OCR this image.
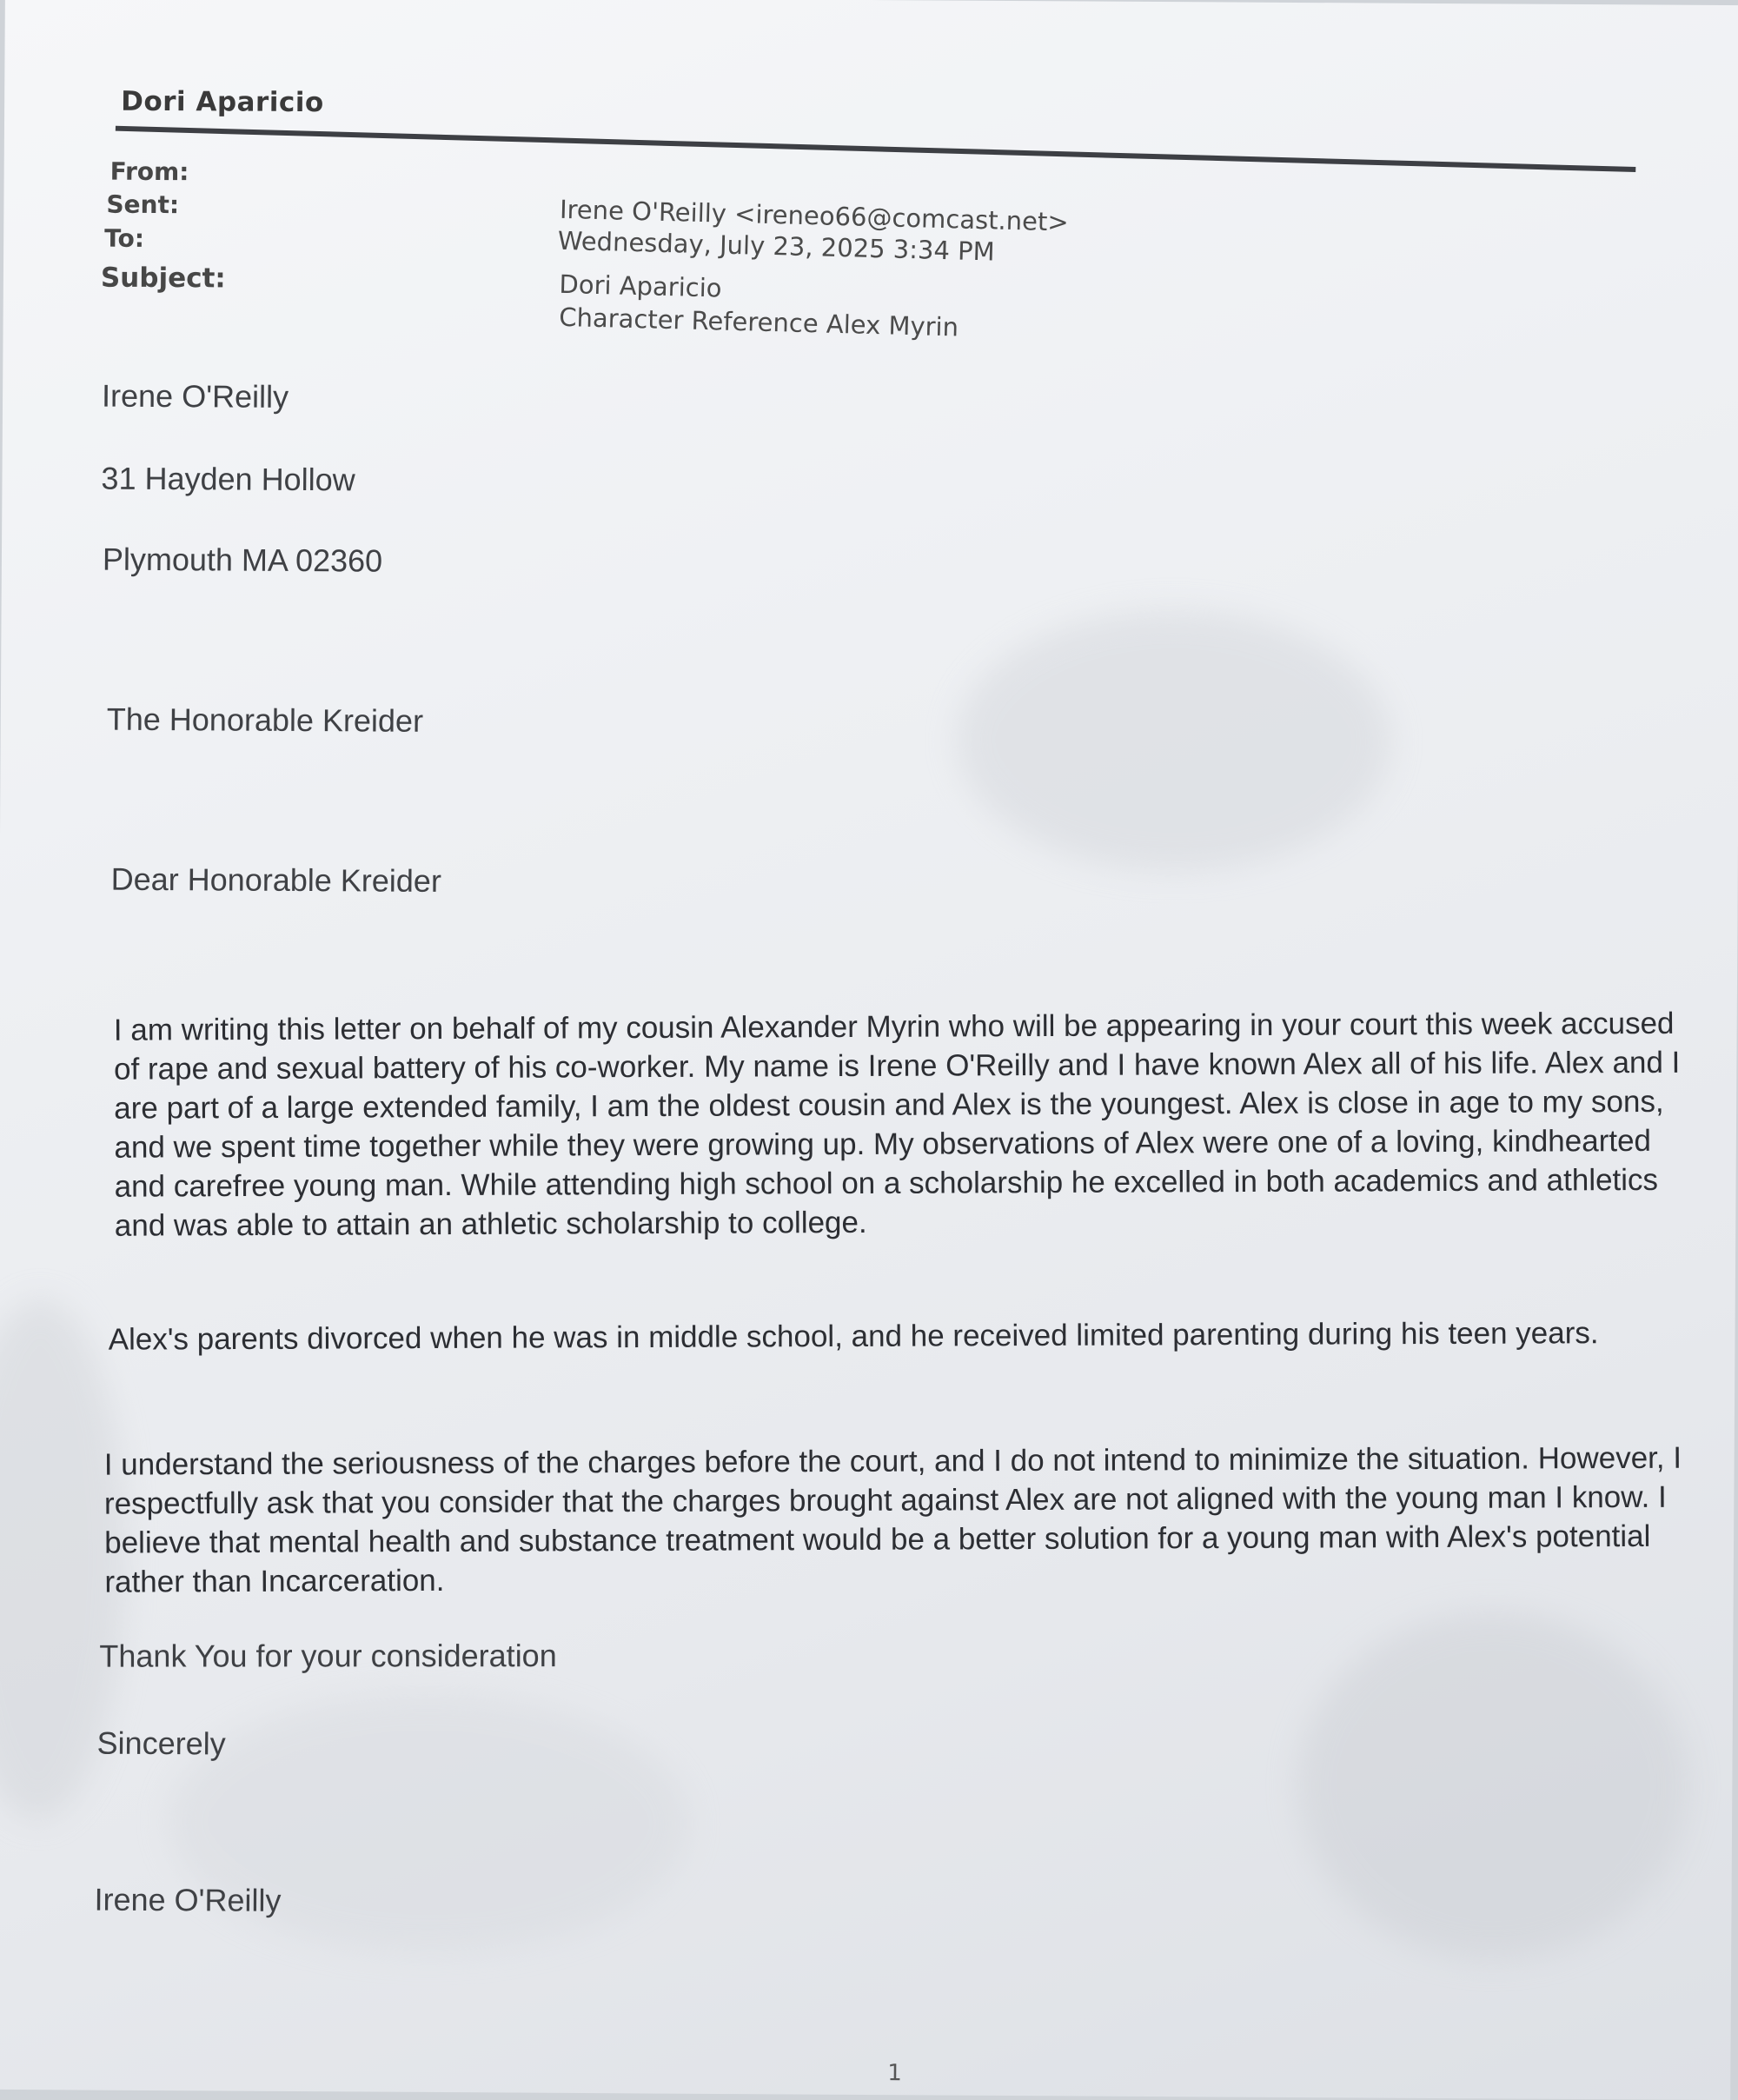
Dori Aparicio
From:
Sent:
To:
Subject:
Irene O'Reilly <ireneo66@comcast.net>
Wednesday, July 23, 2025 3:34 PM
Dori Aparicio
Character Reference Alex Myrin
Irene O'Reilly
31 Hayden Hollow
Plymouth MA 02360
The Honorable Kreider
Dear Honorable Kreider
I am writing this letter on behalf of my cousin Alexander Myrin who will be appearing in your court this week accused of rape and sexual battery of his co-worker. My name is Irene O'Reilly and I have known Alex all of his life. Alex and I are part of a large extended family, I am the oldest cousin and Alex is the youngest. Alex is close in age to my sons, and we spent time together while they were growing up. My observations of Alex were one of a loving, kindhearted and carefree young man. While attending high school on a scholarship he excelled in both academics and athletics and was able to attain an athletic scholarship to college.
Alex's parents divorced when he was in middle school, and he received limited parenting during his teen years.
I understand the seriousness of the charges before the court, and I do not intend to minimize the situation. However, I respectfully ask that you consider that the charges brought against Alex are not aligned with the young man I know. I believe that mental health and substance treatment would be a better solution for a young man with Alex's potential rather than Incarceration.
Thank You for your consideration
Sincerely
Irene O'Reilly
1
